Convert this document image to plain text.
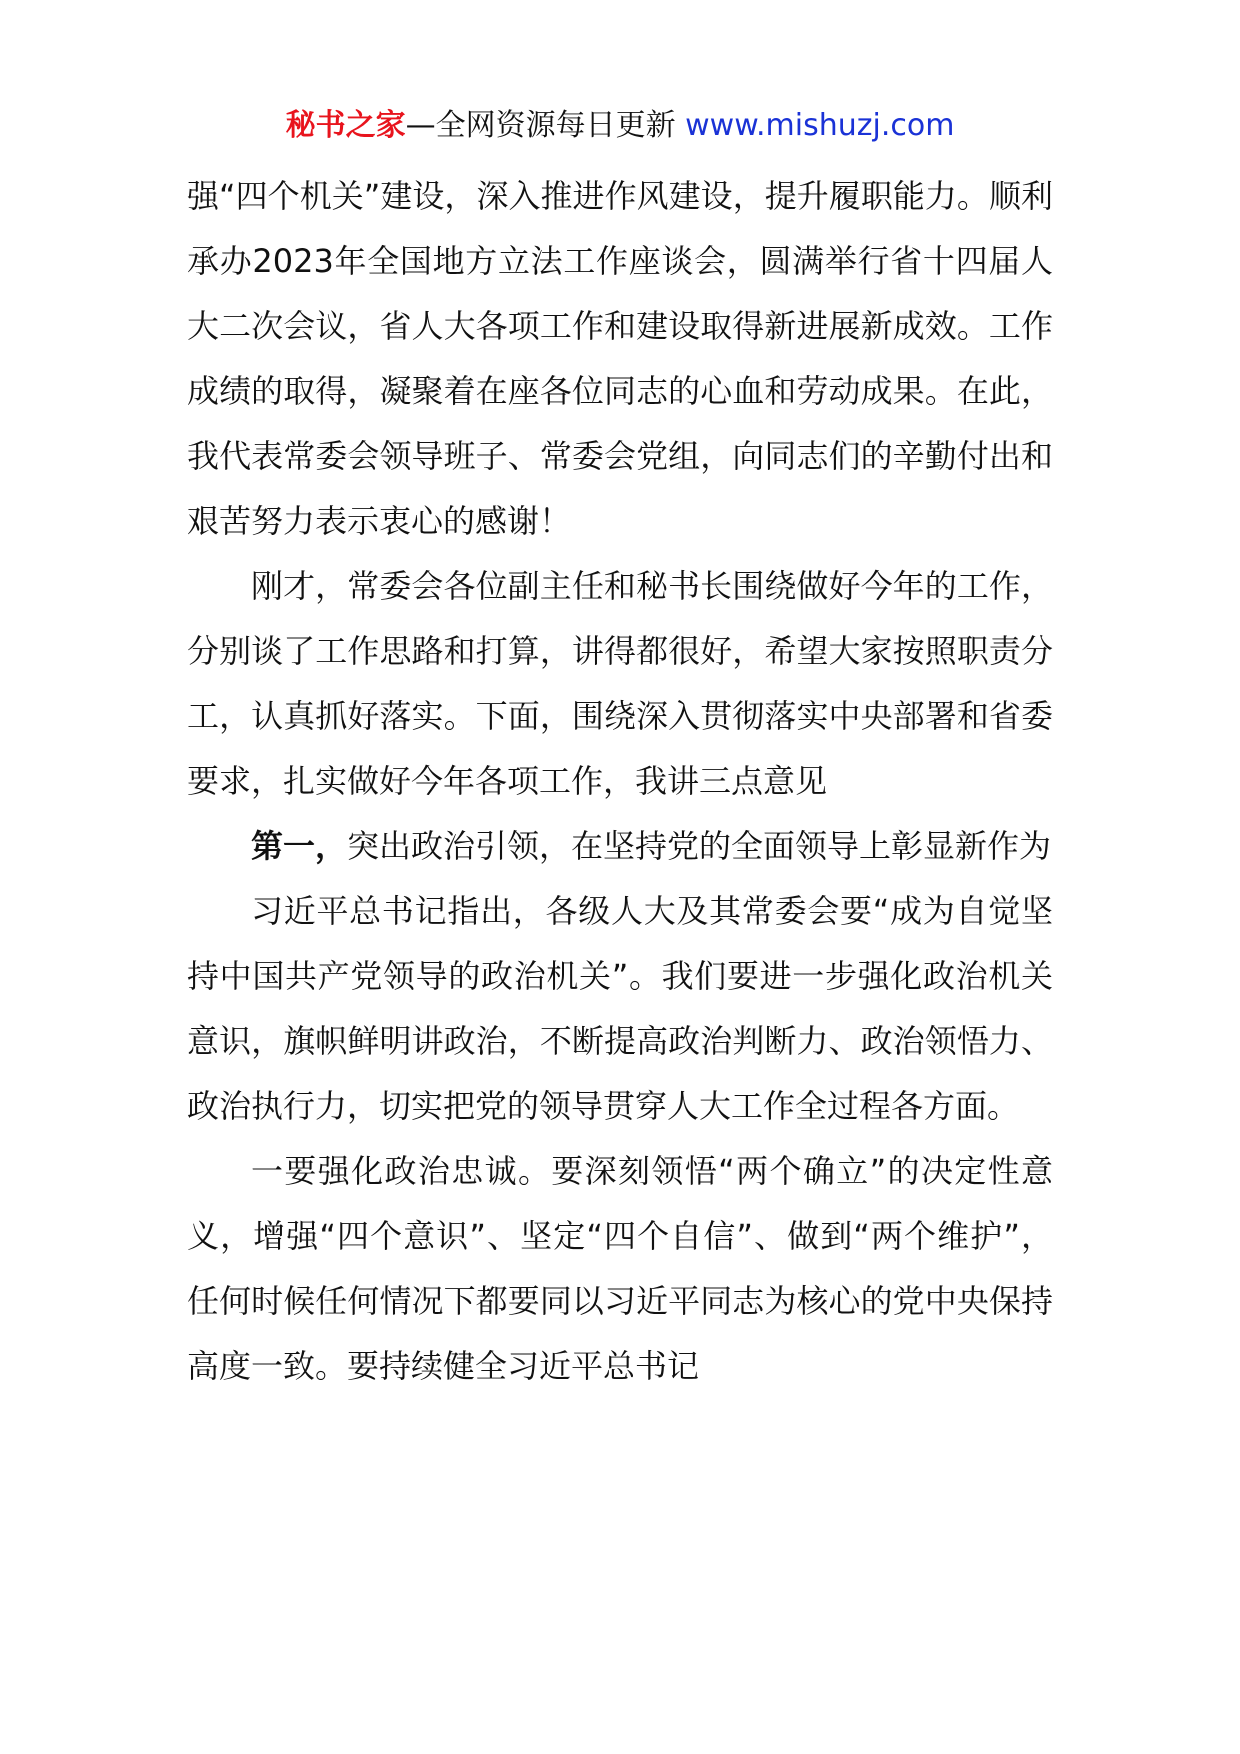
秘书之家—全网资源每日更新 www.mishuzj.com

强“四个机关”建设，深入推进作风建设，提升履职能力。顺利承办2023年全国地方立法工作座谈会，圆满举行省十四届人大二次会议，省人大各项工作和建设取得新进展新成效。工作成绩的取得，凝聚着在座各位同志的心血和劳动成果。在此，我代表常委会领导班子、常委会党组，向同志们的辛勤付出和艰苦努力表示衷心的感谢！

刚才，常委会各位副主任和秘书长围绕做好今年的工作，分别谈了工作思路和打算，讲得都很好，希望大家按照职责分工，认真抓好落实。下面，围绕深入贯彻落实中央部署和省委要求，扎实做好今年各项工作，我讲三点意见

第一，突出政治引领，在坚持党的全面领导上彰显新作为

习近平总书记指出，各级人大及其常委会要“成为自觉坚持中国共产党领导的政治机关”。我们要进一步强化政治机关意识，旗帜鲜明讲政治，不断提高政治判断力、政治领悟力、政治执行力，切实把党的领导贯穿人大工作全过程各方面。

一要强化政治忠诚。要深刻领悟“两个确立”的决定性意义，增强“四个意识”、坚定“四个自信”、做到“两个维护”，任何时候任何情况下都要同以习近平同志为核心的党中央保持高度一致。要持续健全习近平总书记
